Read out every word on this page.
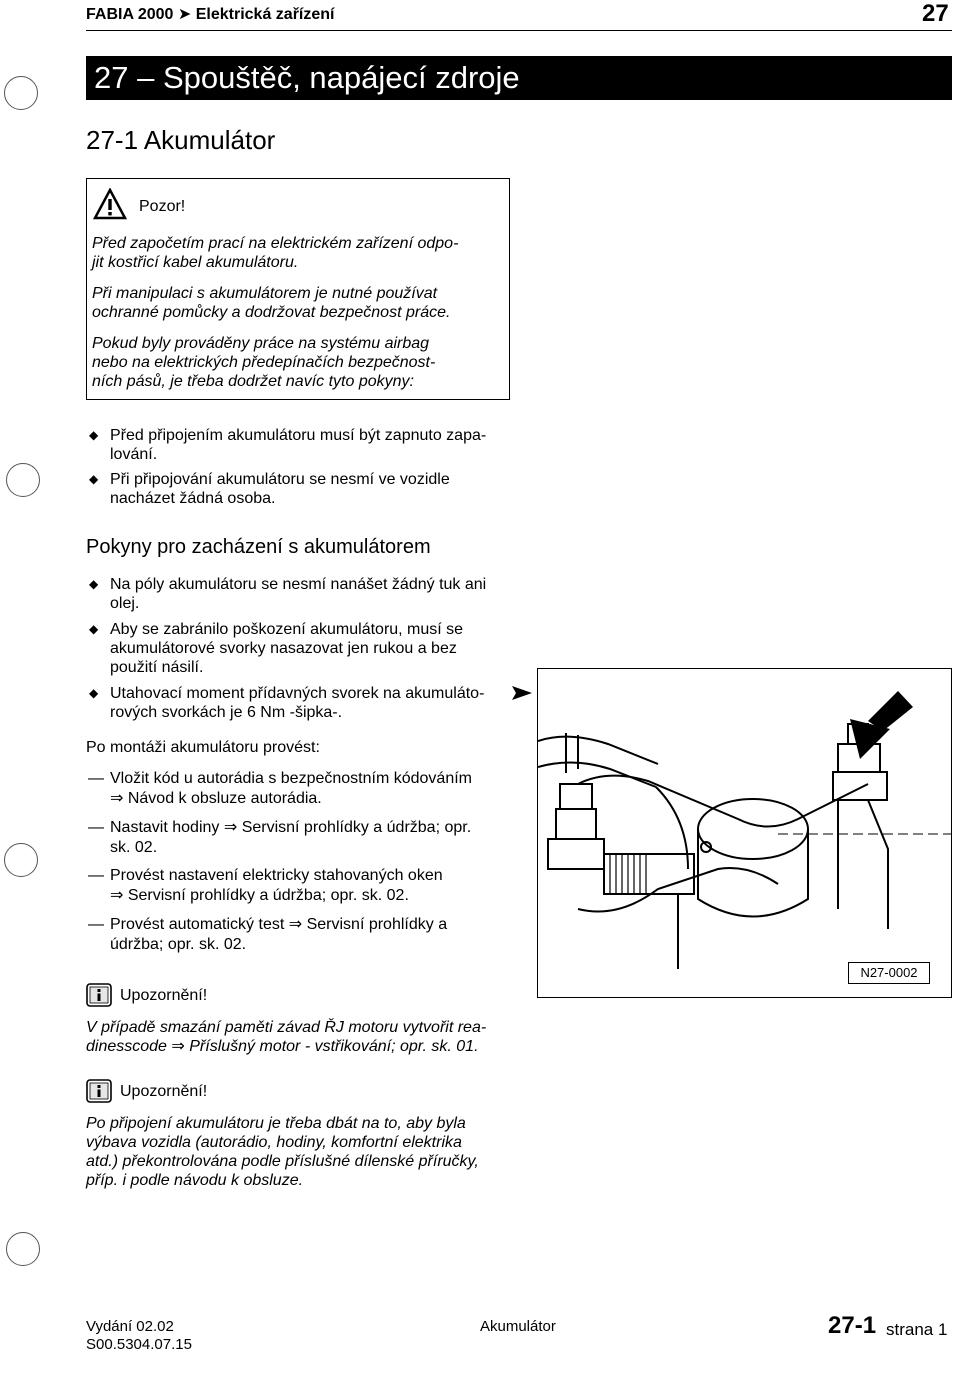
FABIA 2000 ➤ Elektrická zařízení	27
27 – Spouštěč, napájecí zdroje
27-1 Akumulátor
Pozor!
Před započetím prací na elektrickém zařízení odpo-
jit kostřicí kabel akumulátoru.
Při manipulaci s akumulátorem je nutné používat
ochranné pomůcky a dodržovat bezpečnost práce.
Pokud byly prováděny práce na systému airbag
nebo na elektrických předepínačích bezpečnost-
ních pásů, je třeba dodržet navíc tyto pokyny:
◆ Před připojením akumulátoru musí být zapnuto zapa-
lování.
◆ Při připojování akumulátoru se nesmí ve vozidle
nacházet žádná osoba.
Pokyny pro zacházení s akumulátorem
◆ Na póly akumulátoru se nesmí nanášet žádný tuk ani
olej.
◆ Aby se zabránilo poškození akumulátoru, musí se
akumulátorové svorky nasazovat jen rukou a bez
použití násilí.
◆ Utahovací moment přídavných svorek na akumuláto-
rových svorkách je 6 Nm -šipka-.
Po montáži akumulátoru provést:
— Vložit kód u autorádia s bezpečnostním kódováním
⇒ Návod k obsluze autorádia.
— Nastavit hodiny ⇒ Servisní prohlídky a údržba; opr.
sk. 02.
— Provést nastavení elektricky stahovaných oken
⇒ Servisní prohlídky a údržba; opr. sk. 02.
— Provést automatický test ⇒ Servisní prohlídky a
údržba; opr. sk. 02.
Upozornění!
V případě smazání paměti závad ŘJ motoru vytvořit rea-
dinesscode ⇒ Příslušný motor - vstřikování; opr. sk. 01.
Upozornění!
Po připojení akumulátoru je třeba dbát na to, aby byla
výbava vozidla (autorádio, hodiny, komfortní elektrika
atd.) překontrolována podle příslušné dílenské příručky,
příp. i podle návodu k obsluze.
N27-0002
Vydání 02.02
S00.5304.07.15
Akumulátor	27-1 strana 1
